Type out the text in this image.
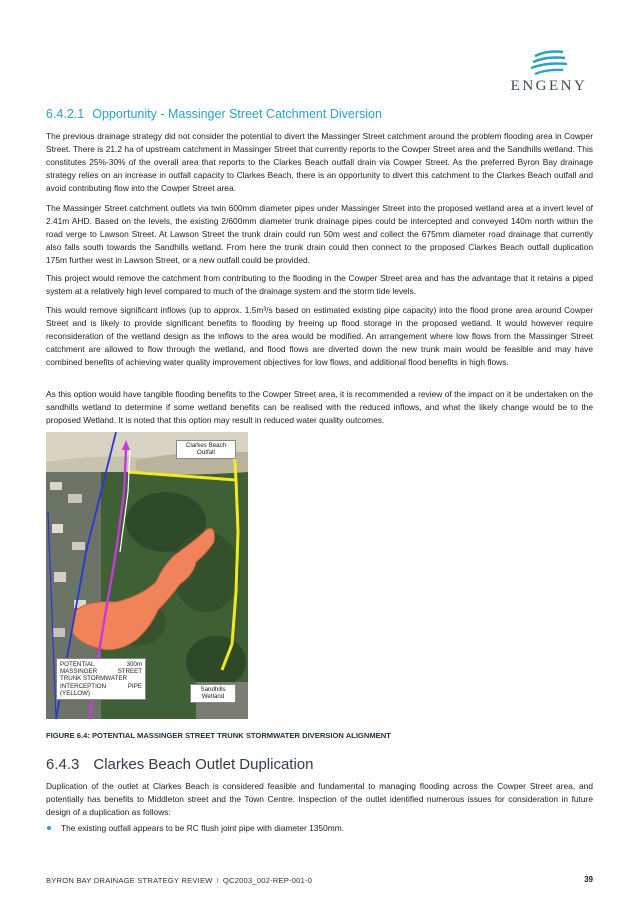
ENGENY
6.4.2.1 Opportunity - Massinger Street Catchment Diversion
The previous drainage strategy did not consider the potential to divert the Massinger Street catchment around the problem flooding area in Cowper Street. There is 21.2 ha of upstream catchment in Massinger Street that currently reports to the Cowper Street area and the Sandhills wetland. This constitutes 25%-30% of the overall area that reports to the Clarkes Beach outfall drain via Cowper Street. As the preferred Byron Bay drainage strategy relies on an increase in outfall capacity to Clarkes Beach, there is an opportunity to divert this catchment to the Clarkes Beach outfall and avoid contributing flow into the Cowper Street area.
The Massinger Street catchment outlets via twin 600mm diameter pipes under Massinger Street into the proposed wetland area at a invert level of 2.41m AHD. Based on the levels, the existing 2/600mm diameter trunk drainage pipes could be intercepted and conveyed 140m north within the road verge to Lawson Street. At Lawson Street the trunk drain could run 50m west and collect the 675mm diameter road drainage that currently also falls south towards the Sandhills wetland. From here the trunk drain could then connect to the proposed Clarkes Beach outfall duplication 175m further west in Lawson Street, or a new outfall could be provided.
This project would remove the catchment from contributing to the flooding in the Cowper Street area and has the advantage that it retains a piped system at a relatively high level compared to much of the drainage system and the storm tide levels.
This would remove significant inflows (up to approx. 1.5m³/s based on estimated existing pipe capacity) into the flood prone area around Cowper Street and is likely to provide significant benefits to flooding by freeing up flood storage in the proposed wetland. It would however require reconsideration of the wetland design as the inflows to the area would be modified. An arrangement where low flows from the Massinger Street catchment are allowed to flow through the wetland, and flood flows are diverted down the new trunk main would be feasible and may have combined benefits of achieving water quality improvement objectives for low flows, and additional flood benefits in high flows.
As this option would have tangible flooding benefits to the Cowper Street area, it is recommended a review of the impact on it be undertaken on the sandhills wetland to determine if some wetland benefits can be realised with the reduced inflows, and what the likely change would be to the proposed Wetland. It is noted that this option may result in reduced water quality outcomes.
Clarkes Beach
Outfall
Sandhills
Wetland
POTENTIAL	300m
MASSINGER	STREET
TRUNK STORMWATER
INTERCEPTION	PIPE
(YELLOW)
FIGURE 6.4: POTENTIAL MASSINGER STREET TRUNK STORMWATER DIVERSION ALIGNMENT
6.4.3 Clarkes Beach Outlet Duplication
Duplication of the outlet at Clarkes Beach is considered feasible and fundamental to managing flooding across the Cowper Street area, and potentially has benefits to Middleton street and the Town Centre. Inspection of the outlet identified numerous issues for consideration in future design of a duplication as follows:
The existing outfall appears to be RC flush joint pipe with diameter 1350mm.
BYRON BAY DRAINAGE STRATEGY REVIEW I QC2003_002-REP-001-0	39
